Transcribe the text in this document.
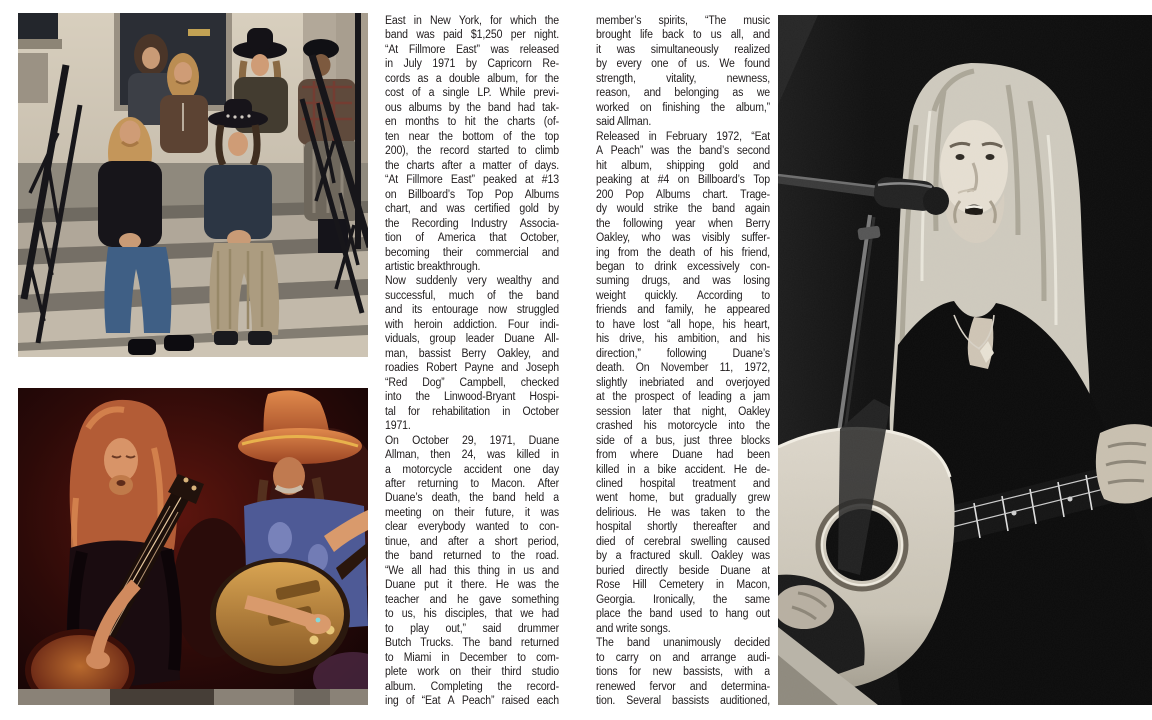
East in New York, for which the
band was paid $1,250 per night.
“At Fillmore East” was released
in July 1971 by Capricorn Re-
cords as a double album, for the
cost of a single LP. While previ-
ous albums by the band had tak-
en months to hit the charts (of-
ten near the bottom of the top
200), the record started to climb
the charts after a matter of days.
“At Fillmore East” peaked at #13
on Billboard’s Top Pop Albums
chart, and was certified gold by
the Recording Industry Associa-
tion of America that October,
becoming their commercial and
artistic breakthrough.
Now suddenly very wealthy and
successful, much of the band
and its entourage now struggled
with heroin addiction. Four indi-
viduals, group leader Duane All-
man, bassist Berry Oakley, and
roadies Robert Payne and Joseph
“Red Dog” Campbell, checked
into the Linwood-Bryant Hospi-
tal for rehabilitation in October
1971.
On October 29, 1971, Duane
Allman, then 24, was killed in
a motorcycle accident one day
after returning to Macon. After
Duane’s death, the band held a
meeting on their future, it was
clear everybody wanted to con-
tinue, and after a short period,
the band returned to the road.
“We all had this thing in us and
Duane put it there. He was the
teacher and he gave something
to us, his disciples, that we had
to play out,” said drummer
Butch Trucks. The band returned
to Miami in December to com-
plete work on their third studio
album. Completing the record-
ing of “Eat A Peach” raised each
member’s spirits, “The music
brought life back to us all, and
it was simultaneously realized
by every one of us. We found
strength,	vitality,	newness,
reason, and belonging as we
worked on finishing the album,”
said Allman.
Released in February 1972, “Eat
A Peach” was the band’s second
hit album, shipping gold and
peaking at #4 on Billboard’s Top
200 Pop Albums chart. Trage-
dy would strike the band again
the following year when Berry
Oakley, who was visibly suffer-
ing from the death of his friend,
began to drink excessively con-
suming drugs, and was losing
weight quickly. According to
friends and family, he appeared
to have lost “all hope, his heart,
his drive, his ambition, and his
direction,” following Duane’s
death. On November 11, 1972,
slightly inebriated and overjoyed
at the prospect of leading a jam
session later that night, Oakley
crashed his motorcycle into the
side of a bus, just three blocks
from where Duane had been
killed in a bike accident. He de-
clined hospital treatment and
went home, but gradually grew
delirious. He was taken to the
hospital shortly thereafter and
died of cerebral swelling caused
by a fractured skull. Oakley was
buried directly beside Duane at
Rose Hill Cemetery in Macon,
Georgia. Ironically, the same
place the band used to hang out
and write songs.
The band unanimously decided
to carry on and arrange audi-
tions for new bassists, with a
renewed fervor and determina-
tion. Several bassists auditioned,
